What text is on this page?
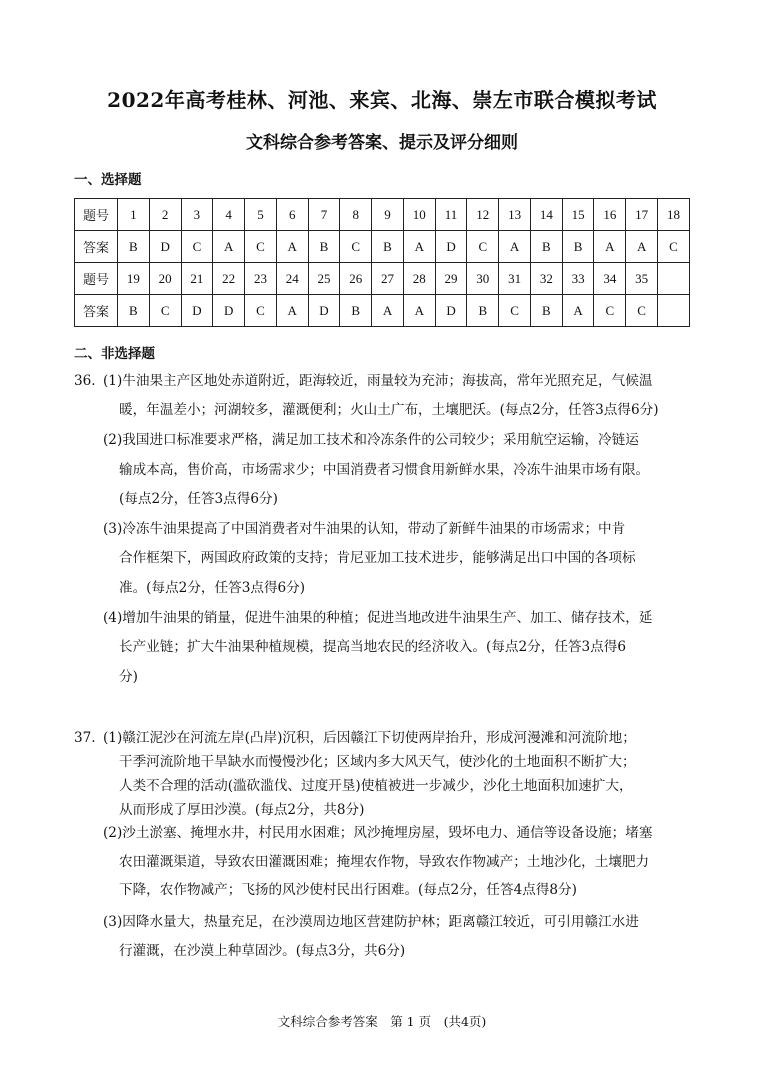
2022年高考桂林、河池、来宾、北海、崇左市联合模拟考试
文科综合参考答案、提示及评分细则
一、选择题
题号	1	2	3	4	5	6	7	8	9	10	11	12	13	14	15	16	17	18
答案	B	D	C	A	C	A	B	C	B	A	D	C	A	B	B	A	A	C
题号	19	20	21	22	23	24	25	26	27	28	29	30	31	32	33	34	35	
答案	B	C	D	D	C	A	D	B	A	A	D	B	C	B	A	C	C	
二、非选择题
36. (1)牛油果主产区地处赤道附近，距海较近，雨量较为充沛；海拔高，常年光照充足，气候温
暖，年温差小；河湖较多，灌溉便利；火山土广布，土壤肥沃。(每点2分，任答3点得6分)
(2)我国进口标准要求严格，满足加工技术和冷冻条件的公司较少；采用航空运输，冷链运
输成本高，售价高，市场需求少；中国消费者习惯食用新鲜水果，冷冻牛油果市场有限。
(每点2分，任答3点得6分)
(3)冷冻牛油果提高了中国消费者对牛油果的认知，带动了新鲜牛油果的市场需求；中肯
合作框架下，两国政府政策的支持；肯尼亚加工技术进步，能够满足出口中国的各项标
准。(每点2分，任答3点得6分)
(4)增加牛油果的销量，促进牛油果的种植；促进当地改进牛油果生产、加工、储存技术，延
长产业链；扩大牛油果种植规模，提高当地农民的经济收入。(每点2分，任答3点得6
分)
37. (1)赣江泥沙在河流左岸(凸岸)沉积，后因赣江下切使两岸抬升，形成河漫滩和河流阶地；
干季河流阶地干旱缺水而慢慢沙化；区域内多大风天气，使沙化的土地面积不断扩大；
人类不合理的活动(滥砍滥伐、过度开垦)使植被进一步减少，沙化土地面积加速扩大，
从而形成了厚田沙漠。(每点2分，共8分)
(2)沙土淤塞、掩埋水井，村民用水困难；风沙掩埋房屋，毁坏电力、通信等设备设施；堵塞
农田灌溉渠道，导致农田灌溉困难；掩埋农作物，导致农作物减产；土地沙化，土壤肥力
下降，农作物减产；飞扬的风沙使村民出行困难。(每点2分，任答4点得8分)
(3)因降水量大，热量充足，在沙漠周边地区营建防护林；距离赣江较近，可引用赣江水进
行灌溉，在沙漠上种草固沙。(每点3分，共6分)
文科综合参考答案　第 1 页　(共4页)
